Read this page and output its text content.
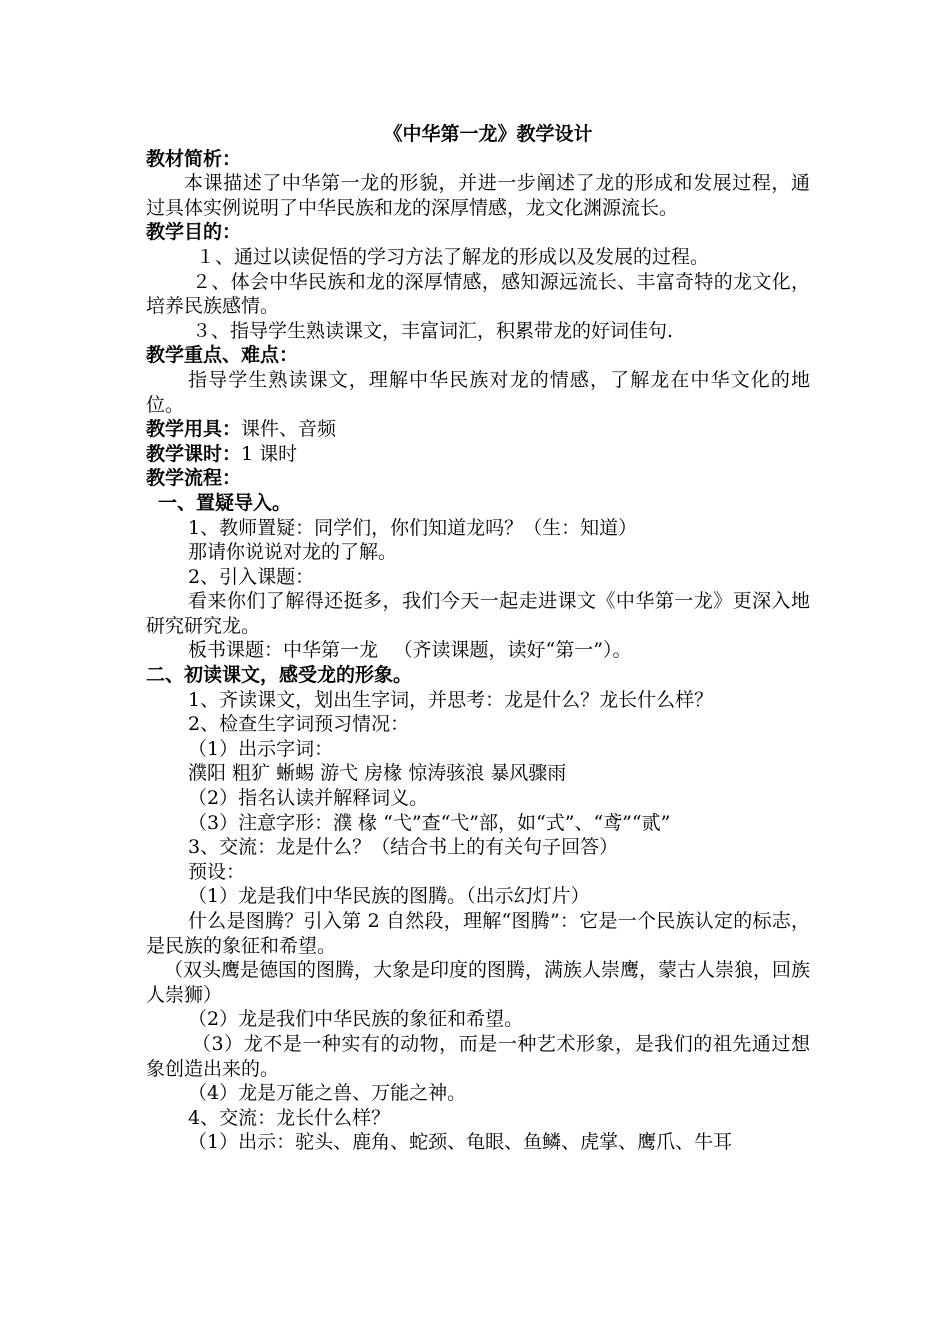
《中华第一龙》教学设计
教材简析：
本课描述了中华第一龙的形貌，并进一步阐述了龙的形成和发展过程，通过具体实例说明了中华民族和龙的深厚情感，龙文化渊源流长。
教学目的：
１、通过以读促悟的学习方法了解龙的形成以及发展的过程。
２、体会中华民族和龙的深厚情感，感知源远流长、丰富奇特的龙文化，培养民族感情。
３、指导学生熟读课文，丰富词汇，积累带龙的好词佳句.
教学重点、难点：
指导学生熟读课文，理解中华民族对龙的情感，了解龙在中华文化的地位。
教学用具：课件、音频
教学课时：1 课时
教学流程：
一、置疑导入。
1、教师置疑：同学们，你们知道龙吗？（生：知道）
那请你说说对龙的了解。
2、引入课题：
看来你们了解得还挺多，我们今天一起走进课文《中华第一龙》更深入地研究研究龙。
板书课题：中华第一龙 　（齐读课题，读好“第一”）。
二、初读课文，感受龙的形象。
1、齐读课文，划出生字词，并思考：龙是什么？龙长什么样？
2、检查生字词预习情况：
（1）出示字词：
濮阳 粗犷 蜥蜴 游弋 房椽 惊涛骇浪 暴风骤雨
（2）指名认读并解释词义。
（3）注意字形：濮 椽 “弋”查“弋”部，如“式”、“鸢”“贰”
3、交流：龙是什么？（结合书上的有关句子回答）
预设：
（1）龙是我们中华民族的图腾。（出示幻灯片）
什么是图腾？引入第 2 自然段，理解“图腾”：它是一个民族认定的标志，是民族的象征和希望。
（双头鹰是德国的图腾，大象是印度的图腾，满族人崇鹰，蒙古人崇狼，回族人崇狮）
（2）龙是我们中华民族的象征和希望。
（3）龙不是一种实有的动物，而是一种艺术形象，是我们的祖先通过想象创造出来的。
（4）龙是万能之兽、万能之神。
4、交流：龙长什么样？
（1）出示：驼头、鹿角、蛇颈、龟眼、鱼鳞、虎掌、鹰爪、牛耳
